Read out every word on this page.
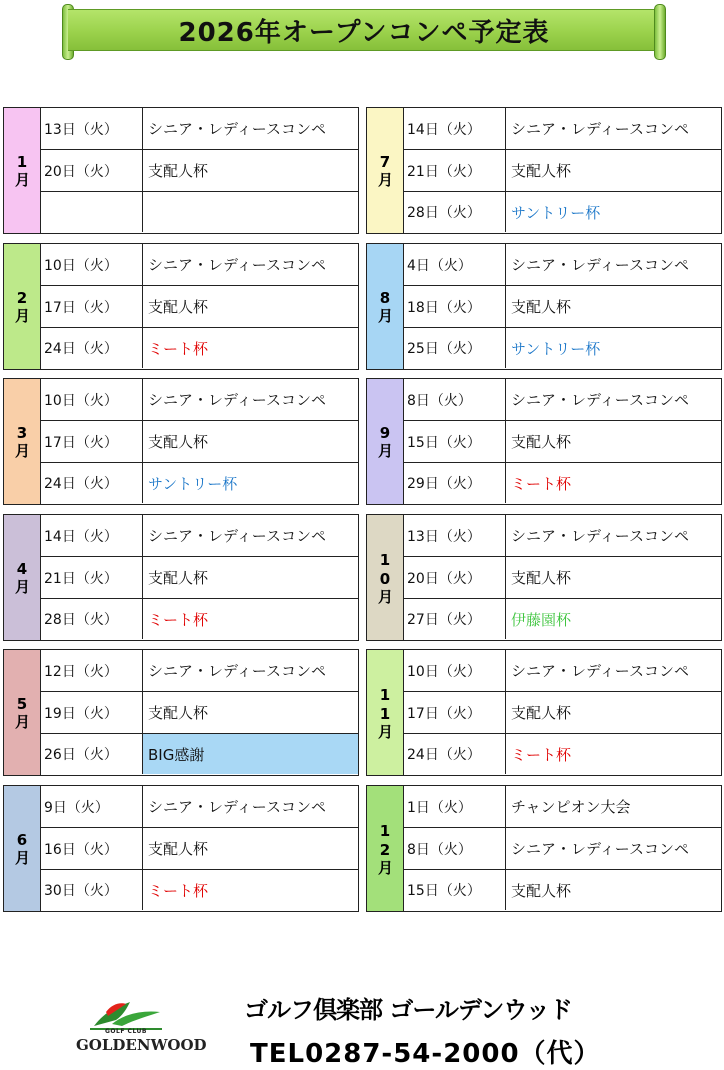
2026年オープンコンペ予定表
1月
13日（火）	シニア・レディースコンペ
20日（火）	支配人杯
2月
10日（火）	シニア・レディースコンペ
17日（火）	支配人杯
24日（火）	ミート杯
3月
10日（火）	シニア・レディースコンペ
17日（火）	支配人杯
24日（火）	サントリー杯
4月
14日（火）	シニア・レディースコンペ
21日（火）	支配人杯
28日（火）	ミート杯
5月
12日（火）	シニア・レディースコンペ
19日（火）	支配人杯
26日（火）	BIG感謝
6月
9日（火）	シニア・レディースコンペ
16日（火）	支配人杯
30日（火）	ミート杯
7月
14日（火）	シニア・レディースコンペ
21日（火）	支配人杯
28日（火）	サントリー杯
8月
4日（火）	シニア・レディースコンペ
18日（火）	支配人杯
25日（火）	サントリー杯
9月
8日（火）	シニア・レディースコンペ
15日（火）	支配人杯
29日（火）	ミート杯
10月
13日（火）	シニア・レディースコンペ
20日（火）	支配人杯
27日（火）	伊藤園杯
11月
10日（火）	シニア・レディースコンペ
17日（火）	支配人杯
24日（火）	ミート杯
12月
1日（火）	チャンピオン大会
8日（火）	シニア・レディースコンペ
15日（火）	支配人杯
GOLF CLUB
GOLDENWOOD
ゴルフ倶楽部 ゴールデンウッド
TEL0287-54-2000（代）
